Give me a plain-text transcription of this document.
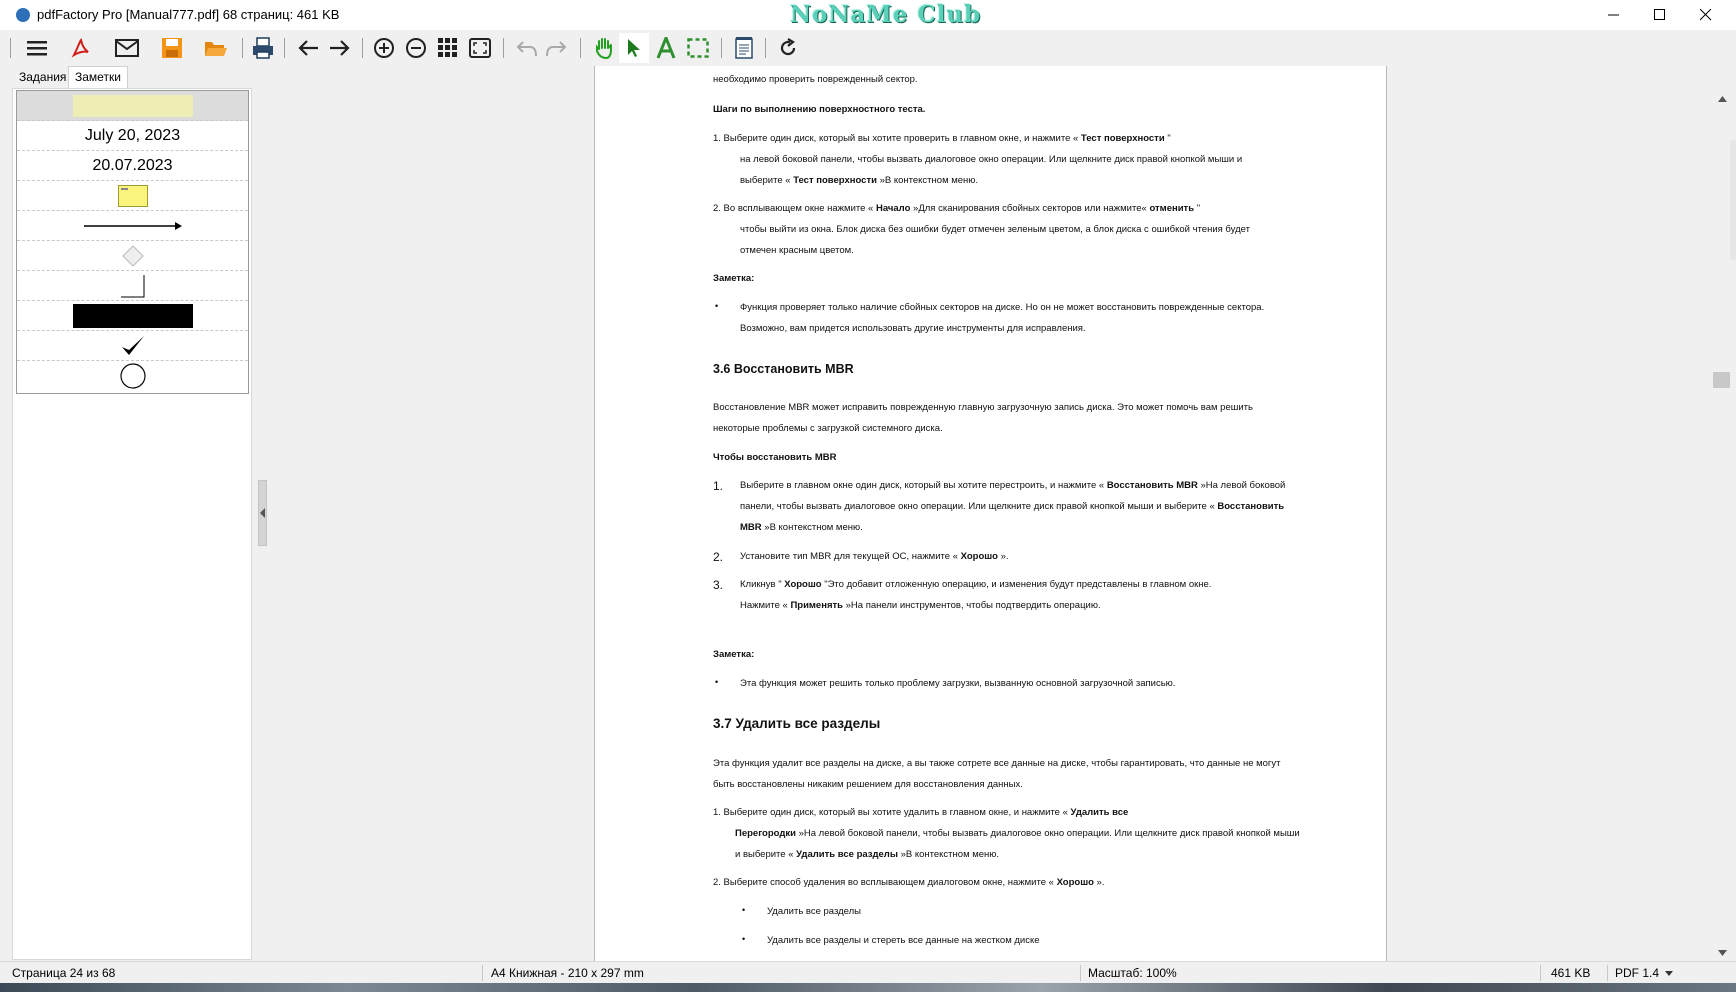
pdfFactory Pro [Manual777.pdf] 68 страниц: 461 KB	NoNaMe Club
Задания Заметки
July 20, 2023
20.07.2023
необходимо проверить поврежденный сектор.
Шаги по выполнению поверхностного теста.
1. Выберите один диск, который вы хотите проверить в главном окне, и нажмите « Тест поверхности "
на левой боковой панели, чтобы вызвать диалоговое окно операции. Или щелкните диск правой кнопкой мыши и
выберите « Тест поверхности »В контекстном меню.
2. Во всплывающем окне нажмите « Начало »Для сканирования сбойных секторов или нажмите« отменить "
чтобы выйти из окна. Блок диска без ошибки будет отмечен зеленым цветом, а блок диска с ошибкой чтения будет
отмечен красным цветом.
Заметка:
• Функция проверяет только наличие сбойных секторов на диске. Но он не может восстановить поврежденные сектора.
Возможно, вам придется использовать другие инструменты для исправления.
3.6 Восстановить MBR
Восстановление MBR может исправить поврежденную главную загрузочную запись диска. Это может помочь вам решить
некоторые проблемы с загрузкой системного диска.
Чтобы восстановить MBR
1. Выберите в главном окне один диск, который вы хотите перестроить, и нажмите « Восстановить MBR »На левой боковой
панели, чтобы вызвать диалоговое окно операции. Или щелкните диск правой кнопкой мыши и выберите « Восстановить
MBR »В контекстном меню.
2. Установите тип MBR для текущей ОС, нажмите « Хорошо ».
3. Кликнув " Хорошо "Это добавит отложенную операцию, и изменения будут представлены в главном окне.
Нажмите « Применять »На панели инструментов, чтобы подтвердить операцию.
Заметка:
• Эта функция может решить только проблему загрузки, вызванную основной загрузочной записью.
3.7 Удалить все разделы
Эта функция удалит все разделы на диске, а вы также сотрете все данные на диске, чтобы гарантировать, что данные не могут
быть восстановлены никаким решением для восстановления данных.
1. Выберите один диск, который вы хотите удалить в главном окне, и нажмите « Удалить все
Перегородки »На левой боковой панели, чтобы вызвать диалоговое окно операции. Или щелкните диск правой кнопкой мыши
и выберите « Удалить все разделы »В контекстном меню.
2. Выберите способ удаления во всплывающем диалоговом окне, нажмите « Хорошо ».
• Удалить все разделы
• Удалить все разделы и стереть все данные на жестком диске
Страница 24 из 68	A4 Книжная - 210 x 297 mm	Масштаб: 100%	461 KB PDF 1.4
